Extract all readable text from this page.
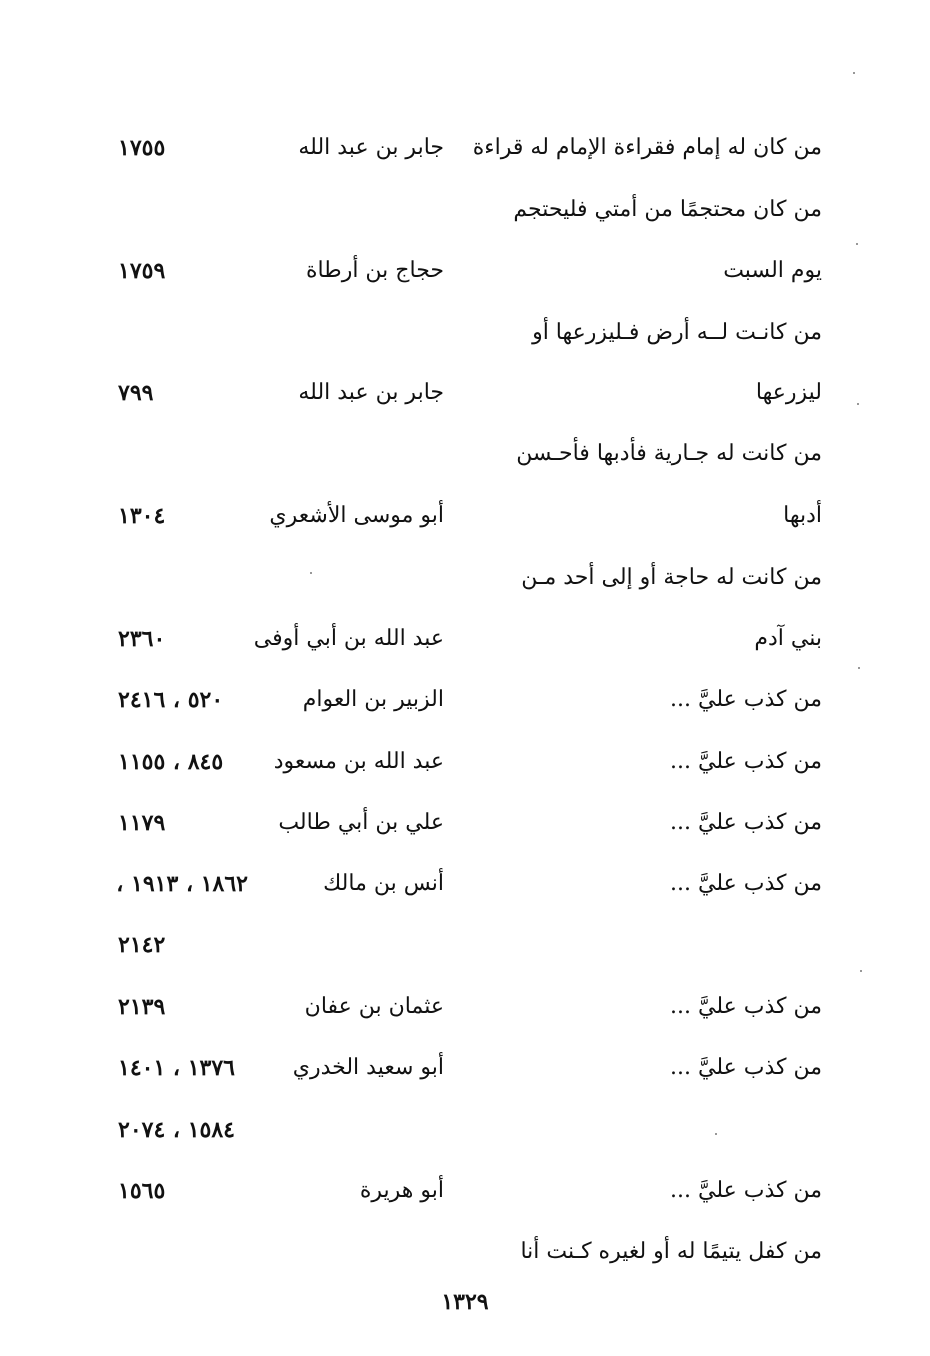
من كان له إمام فقراءة الإمام له قراءة
جابر بن عبد الله
١٧٥٥
من كان محتجمًا من أمتي فليحتجم
يوم السبت
حجاج بن أرطاة
١٧٥٩
من كانـت لــه أرض فـليزرعها أو
ليزرعها
جابر بن عبد الله
٧٩٩
من كانت له جـارية فأدبها فأحـسن
أدبها
أبو موسى الأشعري
١٣٠٤
من كانت له حاجة أو إلى أحد مـن
بني آدم
عبد الله بن أبي أوفى
٢٣٦٠
من كذب عليَّ ...
الزبير بن العوام
٥٢٠ ، ٢٤١٦
من كذب عليَّ ...
عبد الله بن مسعود
٨٤٥ ، ١١٥٥
من كذب عليَّ ...
علي بن أبي طالب
١١٧٩
من كذب عليَّ ...
أنس بن مالك
١٨٦٢ ، ١٩١٣ ،
٢١٤٢
من كذب عليَّ ...
عثمان بن عفان
٢١٣٩
من كذب عليَّ ...
أبو سعيد الخدري
١٣٧٦ ، ١٤٠١
١٥٨٤ ، ٢٠٧٤
من كذب عليَّ ...
أبو هريرة
١٥٦٥
من كفل يتيمًا له أو لغيره كـنت أنا
١٣٢٩
